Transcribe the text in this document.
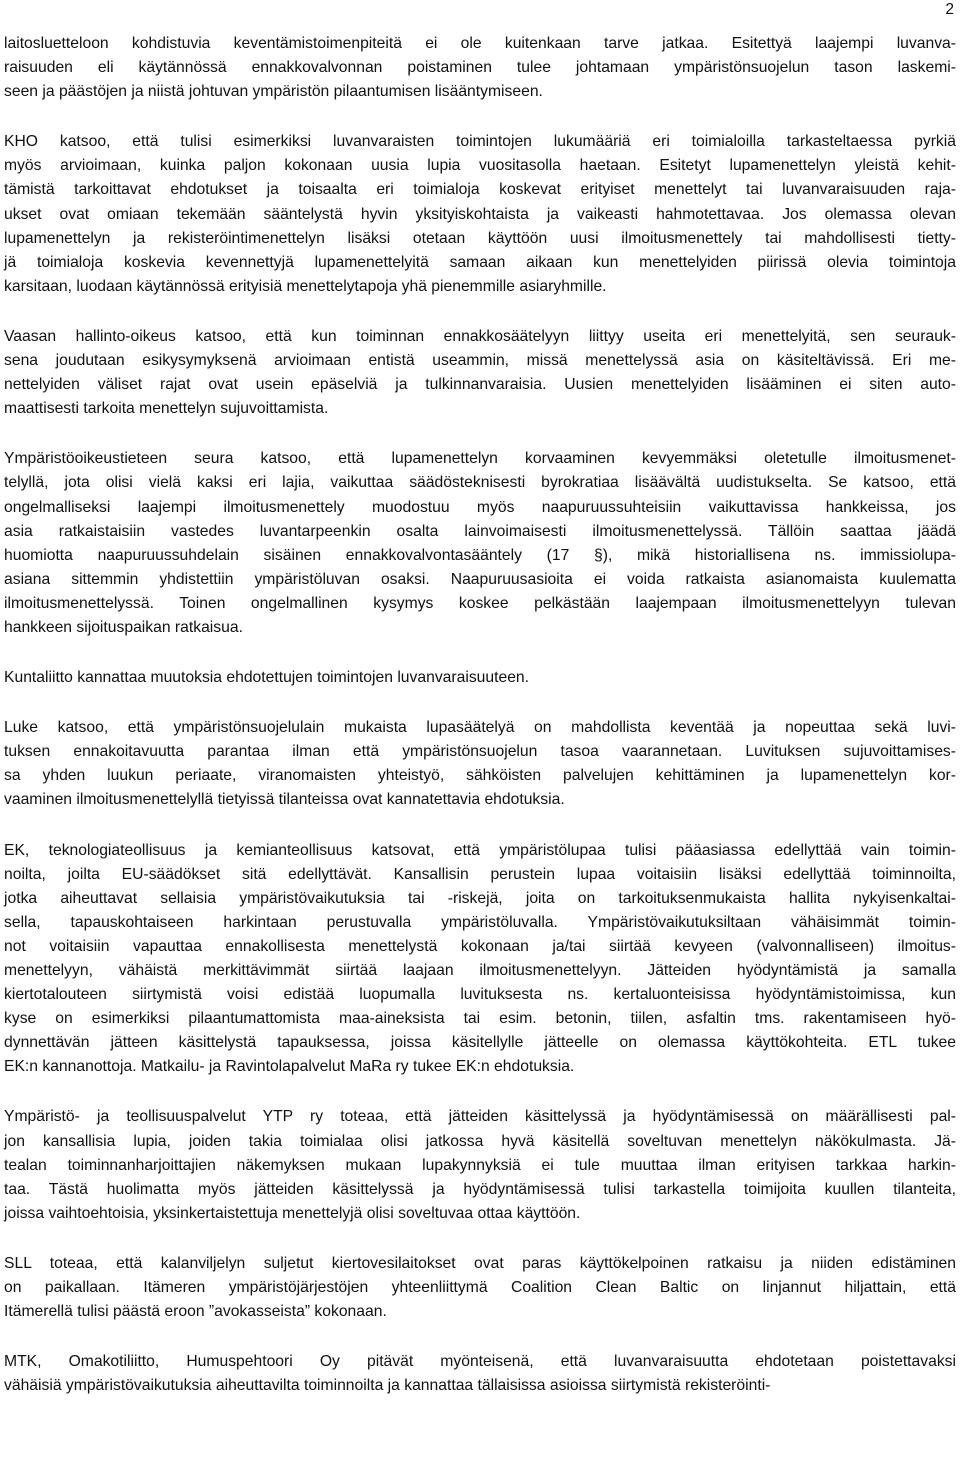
2

laitosluetteloon kohdistuvia keventämistoimenpiteitä ei ole kuitenkaan tarve jatkaa. Esitettyä laajempi luvanva-
raisuuden eli käytännössä ennakkovalvonnan poistaminen tulee johtamaan ympäristönsuojelun tason laskemi-
seen ja päästöjen ja niistä johtuvan ympäristön pilaantumisen lisääntymiseen.

KHO katsoo, että tulisi esimerkiksi luvanvaraisten toimintojen lukumääriä eri toimialoilla tarkasteltaessa pyrkiä
myös arvioimaan, kuinka paljon kokonaan uusia lupia vuositasolla haetaan. Esitetyt lupamenettelyn yleistä kehit-
tämistä tarkoittavat ehdotukset ja toisaalta eri toimialoja koskevat erityiset menettelyt tai luvanvaraisuuden raja-
ukset ovat omiaan tekemään sääntelystä hyvin yksityiskohtaista ja vaikeasti hahmotettavaa. Jos olemassa olevan
lupamenettelyn ja rekisteröintimenettelyn lisäksi otetaan käyttöön uusi ilmoitusmenettely tai mahdollisesti tietty-
jä toimialoja koskevia kevennettyjä lupamenettelyitä samaan aikaan kun menettelyiden piirissä olevia toimintoja
karsitaan, luodaan käytännössä erityisiä menettelytapoja yhä pienemmille asiaryhmille.

Vaasan hallinto-oikeus katsoo, että kun toiminnan ennakkosäätelyyn liittyy useita eri menettelyitä, sen seurauk-
sena joudutaan esikysymyksenä arvioimaan entistä useammin, missä menettelyssä asia on käsiteltävissä. Eri me-
nettelyiden väliset rajat ovat usein epäselviä ja tulkinnanvaraisia. Uusien menettelyiden lisääminen ei siten auto-
maattisesti tarkoita menettelyn sujuvoittamista.

Ympäristöoikeustieteen seura katsoo, että lupamenettelyn korvaaminen kevyemmäksi oletetulle ilmoitusmenet-
telyllä, jota olisi vielä kaksi eri lajia, vaikuttaa säädösteknisesti byrokratiaa lisäävältä uudistukselta. Se katsoo, että
ongelmalliseksi laajempi ilmoitusmenettely muodostuu myös naapuruussuhteisiin vaikuttavissa hankkeissa, jos
asia ratkaistaisiin vastedes luvantarpeenkin osalta lainvoimaisesti ilmoitusmenettelyssä. Tällöin saattaa jäädä
huomiotta naapuruussuhdelain sisäinen ennakkovalvontasääntely (17 §), mikä historiallisena ns. immissiolupa-
asiana sittemmin yhdistettiin ympäristöluvan osaksi. Naapuruusasioita ei voida ratkaista asianomaista kuulematta
ilmoitusmenettelyssä. Toinen ongelmallinen kysymys koskee pelkästään laajempaan ilmoitusmenettelyyn tulevan
hankkeen sijoituspaikan ratkaisua.

Kuntaliitto kannattaa muutoksia ehdotettujen toimintojen luvanvaraisuuteen.

Luke katsoo, että ympäristönsuojelulain mukaista lupasäätelyä on mahdollista keventää ja nopeuttaa sekä luvi-
tuksen ennakoitavuutta parantaa ilman että ympäristönsuojelun tasoa vaarannetaan. Luvituksen sujuvoittamises-
sa yhden luukun periaate, viranomaisten yhteistyö, sähköisten palvelujen kehittäminen ja lupamenettelyn kor-
vaaminen ilmoitusmenettelyllä tietyissä tilanteissa ovat kannatettavia ehdotuksia.

EK, teknologiateollisuus ja kemianteollisuus katsovat, että ympäristölupaa tulisi pääasiassa edellyttää vain toimin-
noilta, joilta EU-säädökset sitä edellyttävät. Kansallisin perustein lupaa voitaisiin lisäksi edellyttää toiminnoilta,
jotka aiheuttavat sellaisia ympäristövaikutuksia tai -riskejä, joita on tarkoituksenmukaista hallita nykyisenkaltai-
sella, tapauskohtaiseen harkintaan perustuvalla ympäristöluvalla. Ympäristövaikutuksiltaan vähäisimmät toimin-
not voitaisiin vapauttaa ennakollisesta menettelystä kokonaan ja/tai siirtää kevyeen (valvonnalliseen) ilmoitus-
menettelyyn, vähäistä merkittävimmät siirtää laajaan ilmoitusmenettelyyn. Jätteiden hyödyntämistä ja samalla
kiertotalouteen siirtymistä voisi edistää luopumalla luvituksesta ns. kertaluonteisissa hyödyntämistoimissa, kun
kyse on esimerkiksi pilaantumattomista maa-aineksista tai esim. betonin, tiilen, asfaltin tms. rakentamiseen hyö-
dynnettävän jätteen käsittelystä tapauksessa, joissa käsitellylle jätteelle on olemassa käyttökohteita. ETL tukee
EK:n kannanottoja. Matkailu- ja Ravintolapalvelut MaRa ry tukee EK:n ehdotuksia.

Ympäristö- ja teollisuuspalvelut YTP ry toteaa, että jätteiden käsittelyssä ja hyödyntämisessä on määrällisesti pal-
jon kansallisia lupia, joiden takia toimialaa olisi jatkossa hyvä käsitellä soveltuvan menettelyn näkökulmasta. Jä-
tealan toiminnanharjoittajien näkemyksen mukaan lupakynnyksiä ei tule muuttaa ilman erityisen tarkkaa harkin-
taa. Tästä huolimatta myös jätteiden käsittelyssä ja hyödyntämisessä tulisi tarkastella toimijoita kuullen tilanteita,
joissa vaihtoehtoisia, yksinkertaistettuja menettelyjä olisi soveltuvaa ottaa käyttöön.

SLL toteaa, että kalanviljelyn suljetut kiertovesilaitokset ovat paras käyttökelpoinen ratkaisu ja niiden edistäminen
on paikallaan. Itämeren ympäristöjärjestöjen yhteenliittymä Coalition Clean Baltic on linjannut hiljattain, että
Itämerellä tulisi päästä eroon ”avokasseista” kokonaan.

MTK, Omakotiliitto, Humuspehtoori Oy pitävät myönteisenä, että luvanvaraisuutta ehdotetaan poistettavaksi
vähäisiä ympäristövaikutuksia aiheuttavilta toiminnoilta ja kannattaa tällaisissa asioissa siirtymistä rekisteröinti-
